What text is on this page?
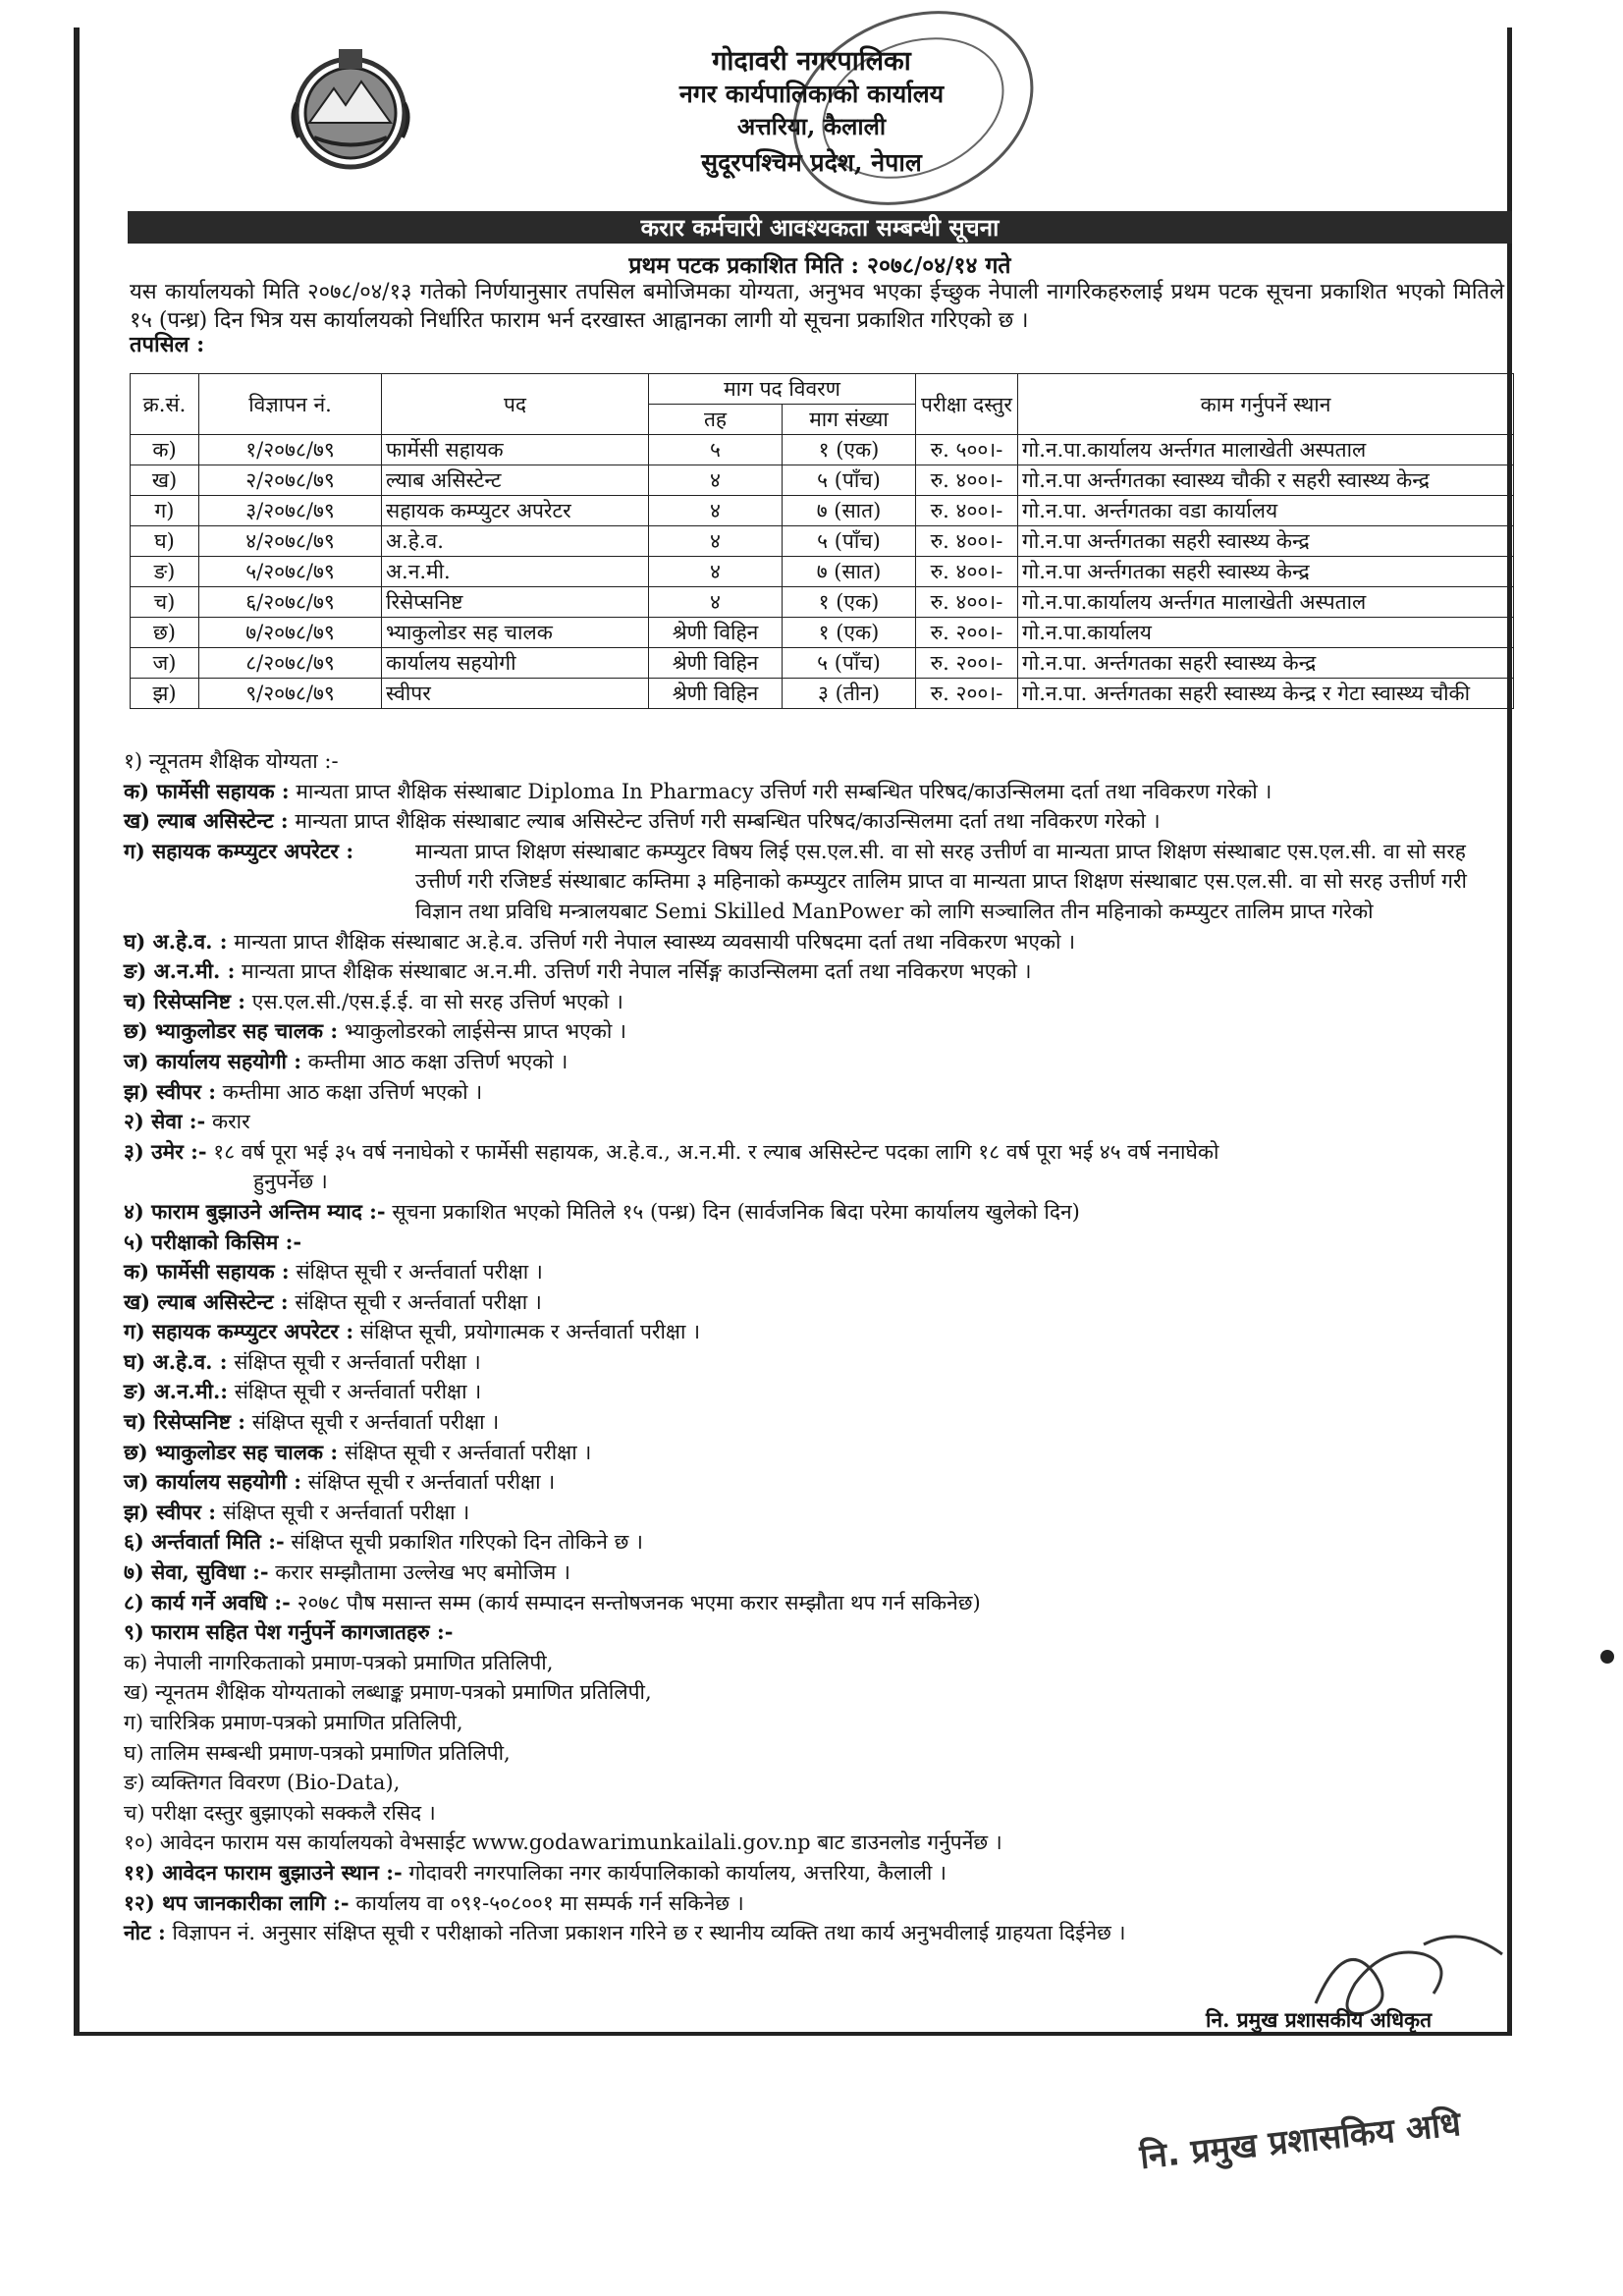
गोदावरी नगरपालिका
नगर कार्यपालिकाको कार्यालय
अत्तरिया, कैलाली
सुदूरपश्चिम प्रदेश, नेपाल
करार कर्मचारी आवश्यकता सम्बन्धी सूचना
प्रथम पटक प्रकाशित मिति : २०७८/०४/१४ गते
यस कार्यालयको मिति २०७८/०४/१३ गतेको निर्णयानुसार तपसिल बमोजिमका योग्यता, अनुभव भएका ईच्छुक नेपाली नागरिकहरुलाई प्रथम पटक सूचना प्रकाशित भएको मितिले १५ (पन्ध्र) दिन भित्र यस कार्यालयको निर्धारित फाराम भर्न दरखास्त आह्वानका लागी यो सूचना प्रकाशित गरिएको छ ।
तपसिल :
क्र.सं.	विज्ञापन नं.	पद	माग पद विवरण		परीक्षा दस्तुर	काम गर्नुपर्ने स्थान
			तह	माग संख्या		
क)	१/२०७८/७९	फार्मेसी सहायक	५	१ (एक)	रु. ५००।-	गो.न.पा.कार्यालय अर्न्तगत मालाखेती अस्पताल
ख)	२/२०७८/७९	ल्याब असिस्टेन्ट	४	५ (पाँच)	रु. ४००।-	गो.न.पा अर्न्तगतका स्वास्थ्य चौकी र सहरी स्वास्थ्य केन्द्र
ग)	३/२०७८/७९	सहायक कम्प्युटर अपरेटर	४	७ (सात)	रु. ४००।-	गो.न.पा. अर्न्तगतका वडा कार्यालय
घ)	४/२०७८/७९	अ.हे.व.	४	५ (पाँच)	रु. ४००।-	गो.न.पा अर्न्तगतका सहरी स्वास्थ्य केन्द्र
ङ)	५/२०७८/७९	अ.न.मी.	४	७ (सात)	रु. ४००।-	गो.न.पा अर्न्तगतका सहरी स्वास्थ्य केन्द्र
च)	६/२०७८/७९	रिसेप्सनिष्ट	४	१ (एक)	रु. ४००।-	गो.न.पा.कार्यालय अर्न्तगत मालाखेती अस्पताल
छ)	७/२०७८/७९	भ्याकुलोडर सह चालक	श्रेणी विहिन	१ (एक)	रु. २००।-	गो.न.पा.कार्यालय
ज)	८/२०७८/७९	कार्यालय सहयोगी	श्रेणी विहिन	५ (पाँच)	रु. २००।-	गो.न.पा. अर्न्तगतका सहरी स्वास्थ्य केन्द्र
झ)	९/२०७८/७९	स्वीपर	श्रेणी विहिन	३ (तीन)	रु. २००।-	गो.न.पा. अर्न्तगतका सहरी स्वास्थ्य केन्द्र र गेटा स्वास्थ्य चौकी
१) न्यूनतम शैक्षिक योग्यता :-
क) फार्मेसी सहायक : मान्यता प्राप्त शैक्षिक संस्थाबाट Diploma In Pharmacy उत्तिर्ण गरी सम्बन्धित परिषद/काउन्सिलमा दर्ता तथा नविकरण गरेको ।
ख) ल्याब असिस्टेन्ट : मान्यता प्राप्त शैक्षिक संस्थाबाट ल्याब असिस्टेन्ट उत्तिर्ण गरी सम्बन्धित परिषद/काउन्सिलमा दर्ता तथा नविकरण गरेको ।
ग) सहायक कम्प्युटर अपरेटर :	मान्यता प्राप्त शिक्षण संस्थाबाट कम्प्युटर विषय लिई एस.एल.सी. वा सो सरह उत्तीर्ण वा मान्यता प्राप्त शिक्षण संस्थाबाट एस.एल.सी. वा सो सरह उत्तीर्ण गरी रजिष्टर्ड संस्थाबाट कम्तिमा ३ महिनाको कम्प्युटर तालिम प्राप्त वा मान्यता प्राप्त शिक्षण संस्थाबाट एस.एल.सी. वा सो सरह उत्तीर्ण गरी विज्ञान तथा प्रविधि मन्त्रालयबाट Semi Skilled ManPower को लागि सञ्चालित तीन महिनाको कम्प्युटर तालिम प्राप्त गरेको
घ) अ.हे.व. : मान्यता प्राप्त शैक्षिक संस्थाबाट अ.हे.व. उत्तिर्ण गरी नेपाल स्वास्थ्य व्यवसायी परिषदमा दर्ता तथा नविकरण भएको ।
ङ) अ.न.मी. : मान्यता प्राप्त शैक्षिक संस्थाबाट अ.न.मी. उत्तिर्ण गरी नेपाल नर्सिङ्ग काउन्सिलमा दर्ता तथा नविकरण भएको ।
च) रिसेप्सनिष्ट : एस.एल.सी./एस.ई.ई. वा सो सरह उत्तिर्ण भएको ।
छ) भ्याकुलोडर सह चालक : भ्याकुलोडरको लाईसेन्स प्राप्त भएको ।
ज) कार्यालय सहयोगी : कम्तीमा आठ कक्षा उत्तिर्ण भएको ।
झ) स्वीपर : कम्तीमा आठ कक्षा उत्तिर्ण भएको ।
२) सेवा :- करार
३) उमेर :- १८ वर्ष पूरा भई ३५ वर्ष ननाघेको र फार्मेसी सहायक, अ.हे.व., अ.न.मी. र ल्याब असिस्टेन्ट पदका लागि १८ वर्ष पूरा भई ४५ वर्ष ननाघेको
हुनुपर्नेछ ।
४) फाराम बुझाउने अन्तिम म्याद :- सूचना प्रकाशित भएको मितिले १५ (पन्ध्र) दिन (सार्वजनिक बिदा परेमा कार्यालय खुलेको दिन)
५) परीक्षाको किसिम :-
क) फार्मेसी सहायक : संक्षिप्त सूची र अर्न्तवार्ता परीक्षा ।
ख) ल्याब असिस्टेन्ट : संक्षिप्त सूची र अर्न्तवार्ता परीक्षा ।
ग) सहायक कम्प्युटर अपरेटर : संक्षिप्त सूची, प्रयोगात्मक र अर्न्तवार्ता परीक्षा ।
घ) अ.हे.व. : संक्षिप्त सूची र अर्न्तवार्ता परीक्षा ।
ङ) अ.न.मी.: संक्षिप्त सूची र अर्न्तवार्ता परीक्षा ।
च) रिसेप्सनिष्ट : संक्षिप्त सूची र अर्न्तवार्ता परीक्षा ।
छ) भ्याकुलोडर सह चालक : संक्षिप्त सूची र अर्न्तवार्ता परीक्षा ।
ज) कार्यालय सहयोगी : संक्षिप्त सूची र अर्न्तवार्ता परीक्षा ।
झ) स्वीपर : संक्षिप्त सूची र अर्न्तवार्ता परीक्षा ।
६) अर्न्तवार्ता मिति :- संक्षिप्त सूची प्रकाशित गरिएको दिन तोकिने छ ।
७) सेवा, सुविधा :- करार सम्झौतामा उल्लेख भए बमोजिम ।
८) कार्य गर्ने अवधि :- २०७८ पौष मसान्त सम्म (कार्य सम्पादन सन्तोषजनक भएमा करार सम्झौता थप गर्न सकिनेछ)
९) फाराम सहित पेश गर्नुपर्ने कागजातहरु :-
क) नेपाली नागरिकताको प्रमाण-पत्रको प्रमाणित प्रतिलिपी,
ख) न्यूनतम शैक्षिक योग्यताको लब्धाङ्क प्रमाण-पत्रको प्रमाणित प्रतिलिपी,
ग) चारित्रिक प्रमाण-पत्रको प्रमाणित प्रतिलिपी,
घ) तालिम सम्बन्धी प्रमाण-पत्रको प्रमाणित प्रतिलिपी,
ङ) व्यक्तिगत विवरण (Bio-Data),
च) परीक्षा दस्तुर बुझाएको सक्कलै रसिद ।
१०) आवेदन फाराम यस कार्यालयको वेभसाईट www.godawarimunkailali.gov.np बाट डाउनलोड गर्नुपर्नेछ ।
११) आवेदन फाराम बुझाउने स्थान :- गोदावरी नगरपालिका नगर कार्यपालिकाको कार्यालय, अत्तरिया, कैलाली ।
१२) थप जानकारीका लागि :- कार्यालय वा ०९१-५०८००१ मा सम्पर्क गर्न सकिनेछ ।
नोट : विज्ञापन नं. अनुसार संक्षिप्त सूची र परीक्षाको नतिजा प्रकाशन गरिने छ र स्थानीय व्यक्ति तथा कार्य अनुभवीलाई ग्राहयता दिईनेछ ।
नि. प्रमुख प्रशासकीय अधिकृत
नि. प्रमुख प्रशासकिय अधि
